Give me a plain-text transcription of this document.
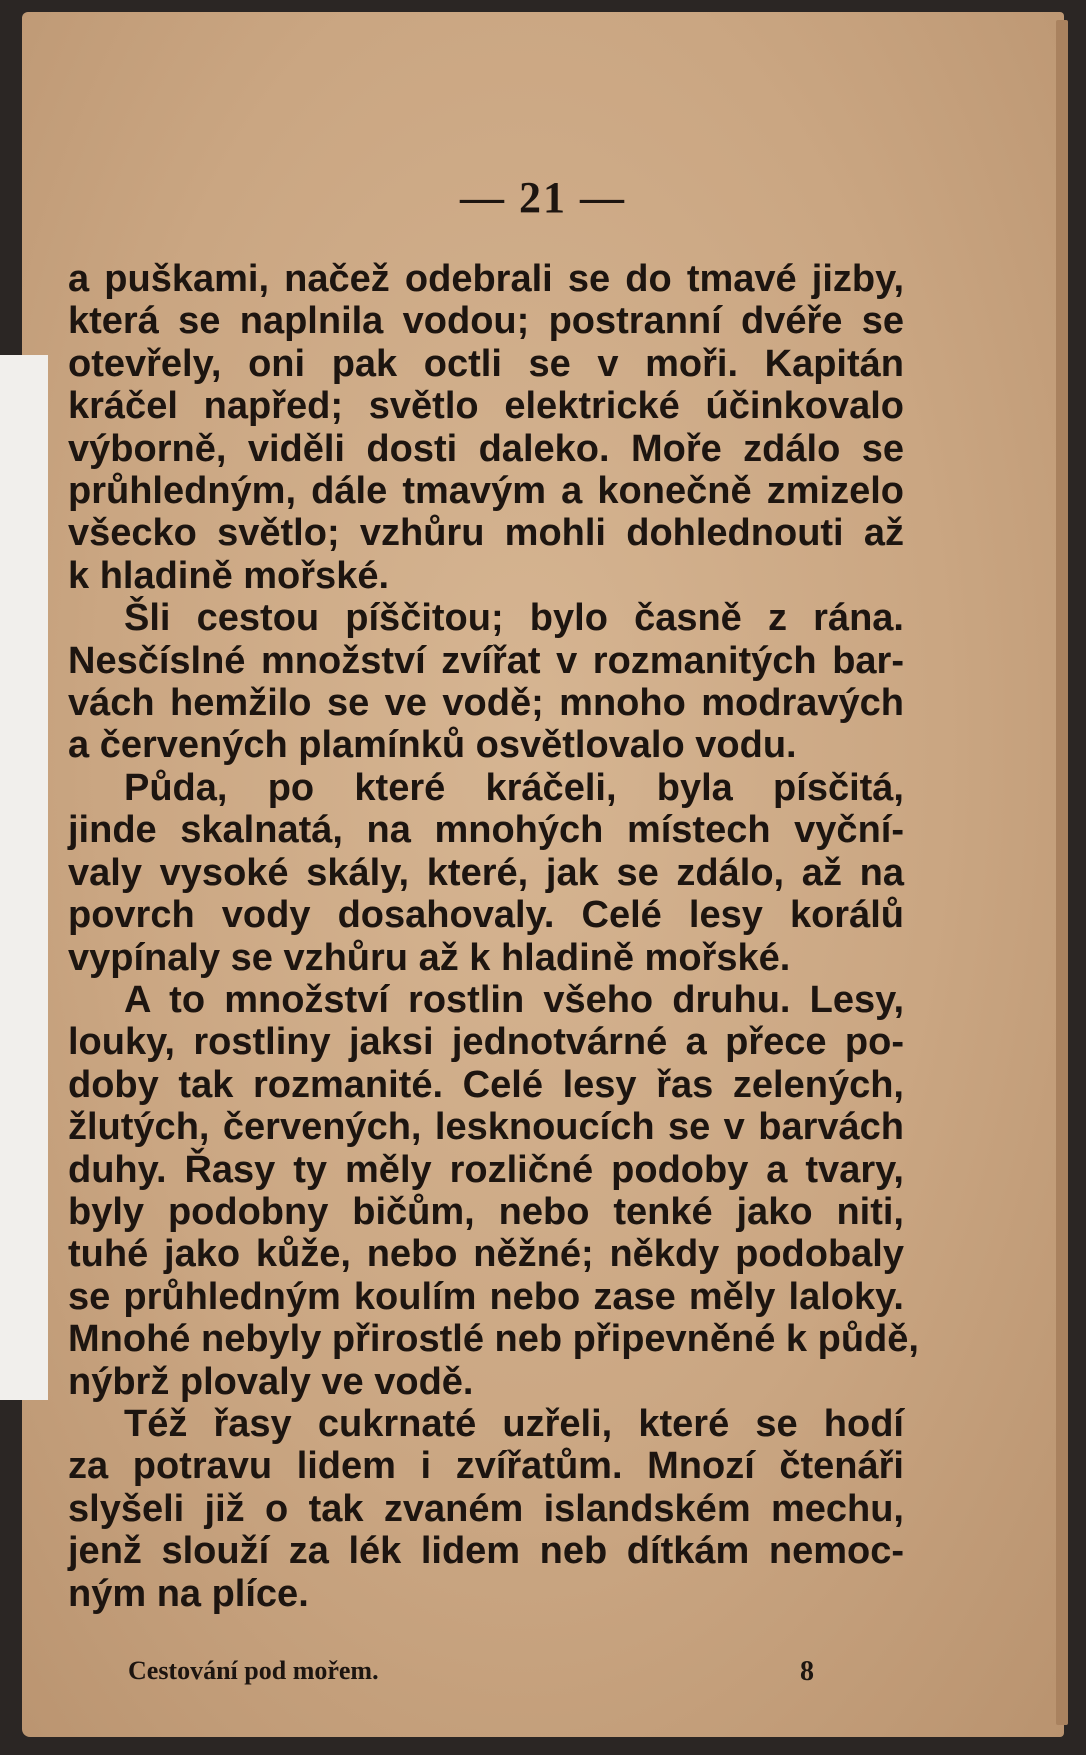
— 21 —
a puškami, načež odebrali se do tmavé jizby,
která se naplnila vodou; postranní dvéře se
otevřely, oni pak octli se v moři. Kapitán
kráčel napřed; světlo elektrické účinkovalo
výborně, viděli dosti daleko. Moře zdálo se
průhledným, dále tmavým a konečně zmizelo
všecko světlo; vzhůru mohli dohlednouti až
k hladině mořské.
Šli cestou píščitou; bylo časně z rána.
Nesčíslné množství zvířat v rozmanitých bar-
vách hemžilo se ve vodě; mnoho modravých
a červených plamínků osvětlovalo vodu.
Půda, po které kráčeli, byla písčitá,
jinde skalnatá, na mnohých místech vyční-
valy vysoké skály, které, jak se zdálo, až na
povrch vody dosahovaly. Celé lesy korálů
vypínaly se vzhůru až k hladině mořské.
A to množství rostlin všeho druhu. Lesy,
louky, rostliny jaksi jednotvárné a přece po-
doby tak rozmanité. Celé lesy řas zelených,
žlutých, červených, lesknoucích se v barvách
duhy. Řasy ty měly rozličné podoby a tvary,
byly podobny bičům, nebo tenké jako niti,
tuhé jako kůže, nebo něžné; někdy podobaly
se průhledným koulím nebo zase měly laloky.
Mnohé nebyly přirostlé neb připevněné k půdě,
nýbrž plovaly ve vodě.
Též řasy cukrnaté uzřeli, které se hodí
za potravu lidem i zvířatům. Mnozí čtenáři
slyšeli již o tak zvaném islandském mechu,
jenž slouží za lék lidem neb dítkám nemoc-
ným na plíce.
Cestování pod mořem.	8
